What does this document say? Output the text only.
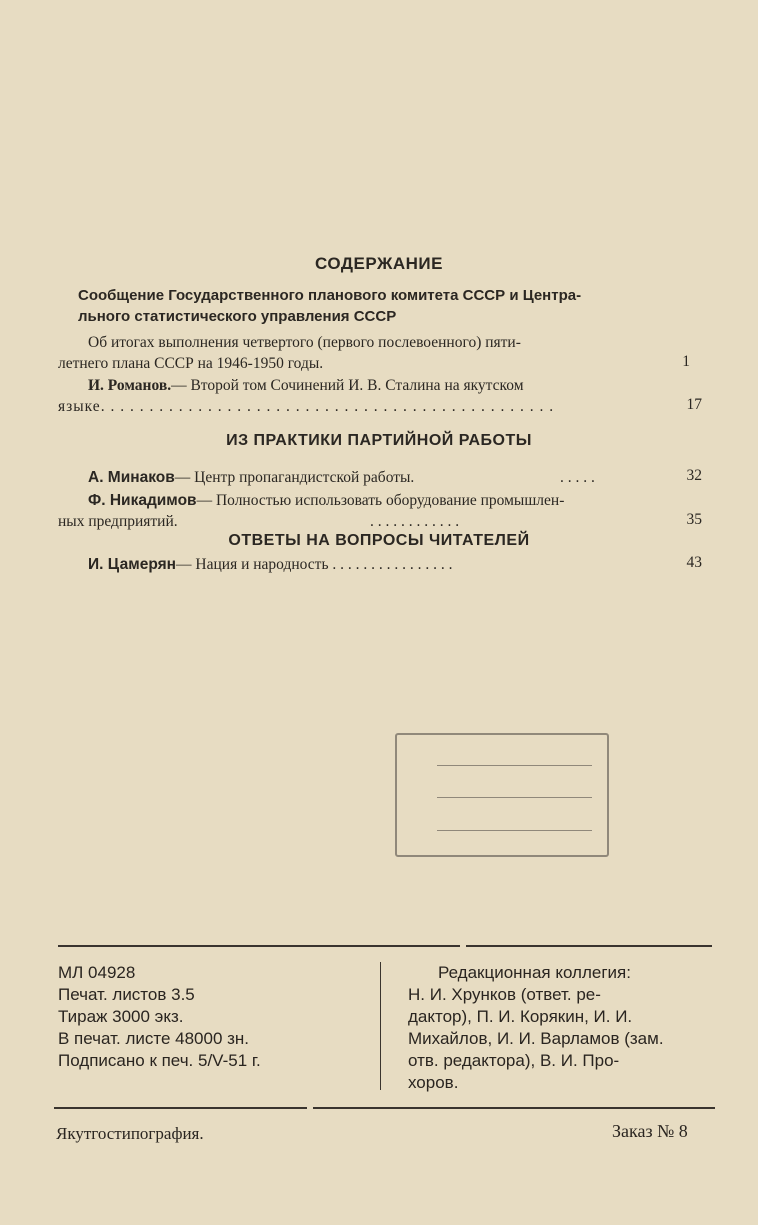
СОДЕРЖАНИЕ
Сообщение Государственного планового комитета СССР и Центра-
льного статистического управления СССР
Об итогах выполнения четвертого (первого послевоенного) пяти-
летнего плана СССР на 1946-1950 годы.	1
И. Романов.— Второй том Сочинений И. В. Сталина на якутском
языке. . . . . . . . . . . . . . . . . . . . . . . . . . . . . . . . . . . . . . . . . . . . . . .	17
ИЗ ПРАКТИКИ ПАРТИЙНОЙ РАБОТЫ
А. Минаков— Центр пропагандистской работы.	. . . . .	32
Ф. Никадимов— Полностью использовать оборудование промышлен-
ных предприятий.	. . . . . . . . . . . .	35
ОТВЕТЫ НА ВОПРОСЫ ЧИТАТЕЛЕЙ
И. Цамерян— Нация и народность . . . . . . . . . . . . . . . .	43
МЛ 04928
Печат. листов 3.5
Тираж 3000 экз.
В печат. листе 48000 зн.
Подписано к печ. 5/V-51 г.
Редакционная коллегия:
Н. И. Хрунков (ответ. ре-
дактор), П. И. Корякин, И. И.
Михайлов, И. И. Варламов (зам.
отв. редактора), В. И. Про-
хоров.
Якутгостипография.	Заказ № 8
